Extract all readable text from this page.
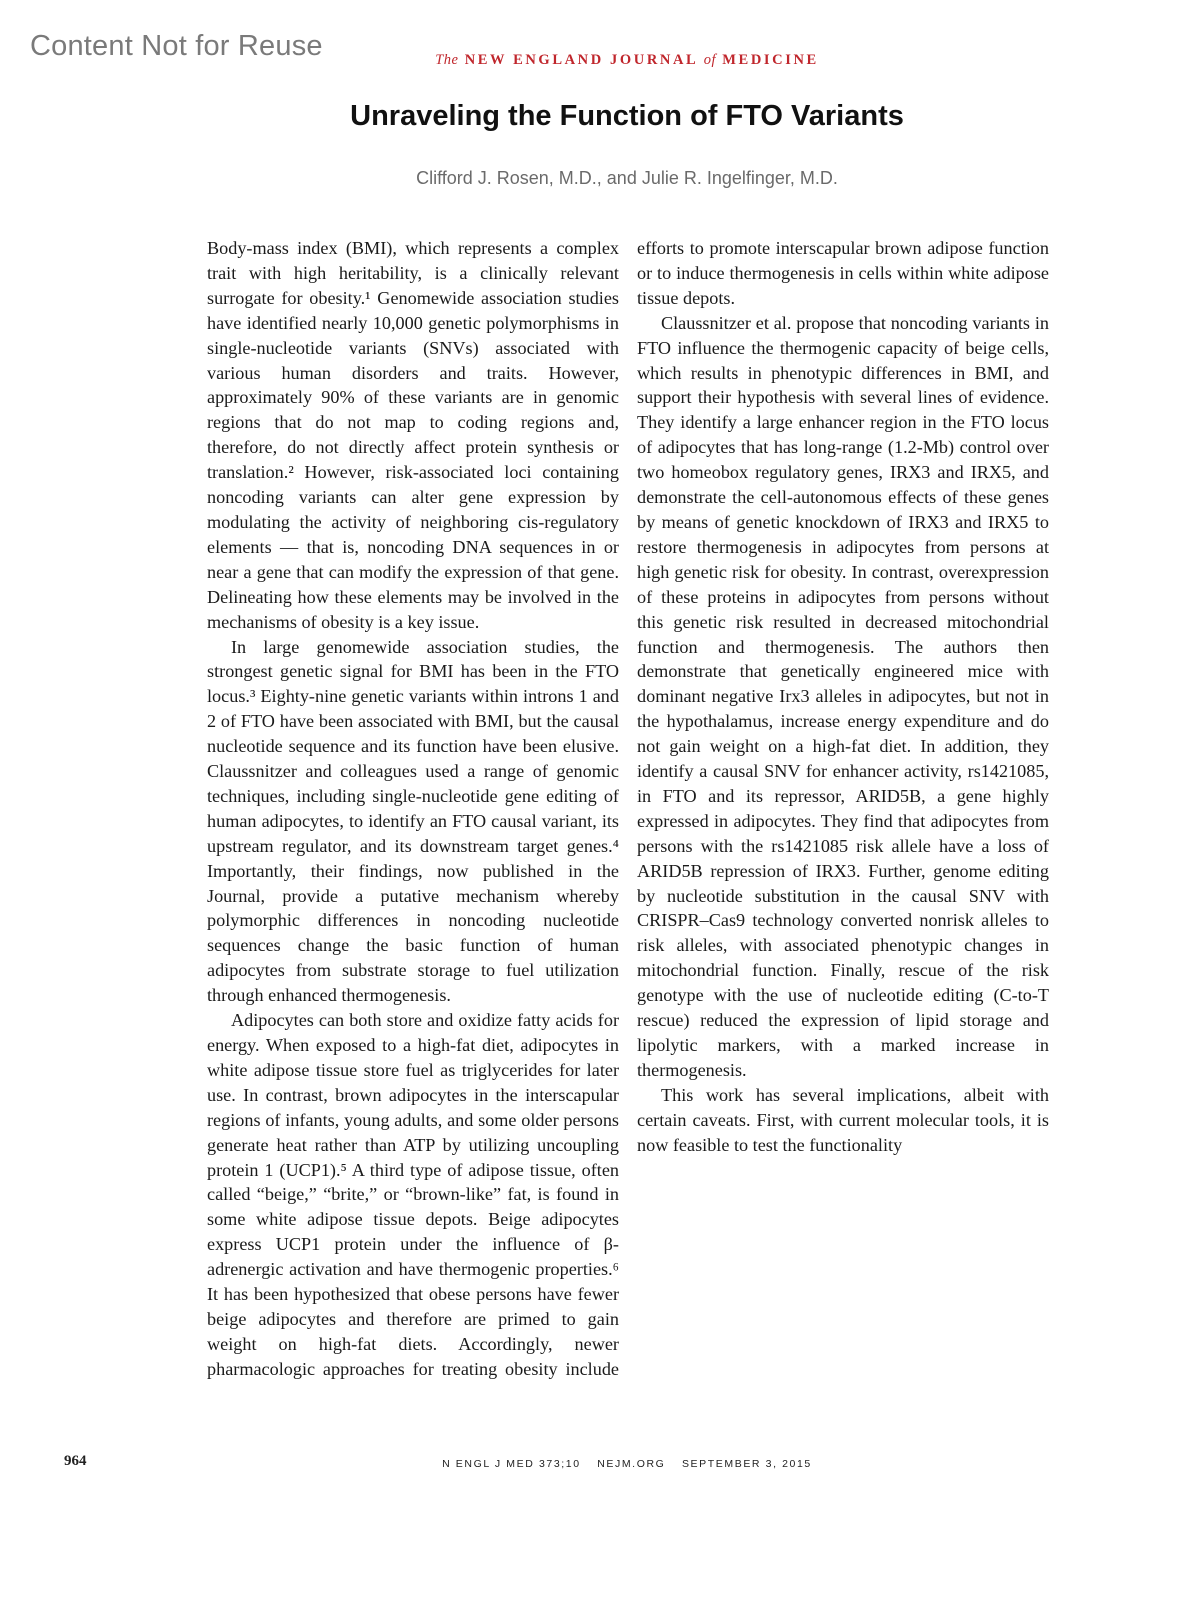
Content Not for Reuse	The NEW ENGLAND JOURNAL of MEDICINE
Unraveling the Function of FTO Variants
Clifford J. Rosen, M.D., and Julie R. Ingelfinger, M.D.

Body-mass index (BMI), which represents a complex trait with high heritability, is a clinically relevant surrogate for obesity.¹ Genomewide association studies have identified nearly 10,000 genetic polymorphisms in single-nucleotide variants (SNVs) associated with various human disorders and traits. However, approximately 90% of these variants are in genomic regions that do not map to coding regions and, therefore, do not directly affect protein synthesis or translation.² However, risk-associated loci containing noncoding variants can alter gene expression by modulating the activity of neighboring cis-regulatory elements — that is, noncoding DNA sequences in or near a gene that can modify the expression of that gene. Delineating how these elements may be involved in the mechanisms of obesity is a key issue.

In large genomewide association studies, the strongest genetic signal for BMI has been in the FTO locus.³ Eighty-nine genetic variants within introns 1 and 2 of FTO have been associated with BMI, but the causal nucleotide sequence and its function have been elusive. Claussnitzer and colleagues used a range of genomic techniques, including single-nucleotide gene editing of human adipocytes, to identify an FTO causal variant, its upstream regulator, and its downstream target genes.⁴ Importantly, their findings, now published in the Journal, provide a putative mechanism whereby polymorphic differences in noncoding nucleotide sequences change the basic function of human adipocytes from substrate storage to fuel utilization through enhanced thermogenesis.

Adipocytes can both store and oxidize fatty acids for energy. When exposed to a high-fat diet, adipocytes in white adipose tissue store fuel as triglycerides for later use. In contrast, brown adipocytes in the interscapular regions of infants, young adults, and some older persons generate heat rather than ATP by utilizing uncoupling protein 1 (UCP1).⁵ A third type of adipose tissue, often called “beige,” “brite,” or “brown-like” fat, is found in some white adipose tissue depots. Beige adipocytes express UCP1 protein under the influence of β-adrenergic activation and have thermogenic properties.⁶ It has been hypothesized that obese persons have fewer beige adipocytes and therefore are primed to gain weight on high-fat diets. Accordingly, newer pharmacologic approaches for treating obesity include efforts to promote interscapular brown adipose function or to induce thermogenesis in cells within white adipose tissue depots.

Claussnitzer et al. propose that noncoding variants in FTO influence the thermogenic capacity of beige cells, which results in phenotypic differences in BMI, and support their hypothesis with several lines of evidence. They identify a large enhancer region in the FTO locus of adipocytes that has long-range (1.2-Mb) control over two homeobox regulatory genes, IRX3 and IRX5, and demonstrate the cell-autonomous effects of these genes by means of genetic knockdown of IRX3 and IRX5 to restore thermogenesis in adipocytes from persons at high genetic risk for obesity. In contrast, overexpression of these proteins in adipocytes from persons without this genetic risk resulted in decreased mitochondrial function and thermogenesis. The authors then demonstrate that genetically engineered mice with dominant negative Irx3 alleles in adipocytes, but not in the hypothalamus, increase energy expenditure and do not gain weight on a high-fat diet. In addition, they identify a causal SNV for enhancer activity, rs1421085, in FTO and its repressor, ARID5B, a gene highly expressed in adipocytes. They find that adipocytes from persons with the rs1421085 risk allele have a loss of ARID5B repression of IRX3. Further, genome editing by nucleotide substitution in the causal SNV with CRISPR–Cas9 technology converted nonrisk alleles to risk alleles, with associated phenotypic changes in mitochondrial function. Finally, rescue of the risk genotype with the use of nucleotide editing (C-to-T rescue) reduced the expression of lipid storage and lipolytic markers, with a marked increase in thermogenesis.

This work has several implications, albeit with certain caveats. First, with current molecular tools, it is now feasible to test the functionality

964	N ENGL J MED 373;10 NEJM.ORG SEPTEMBER 3, 2015
